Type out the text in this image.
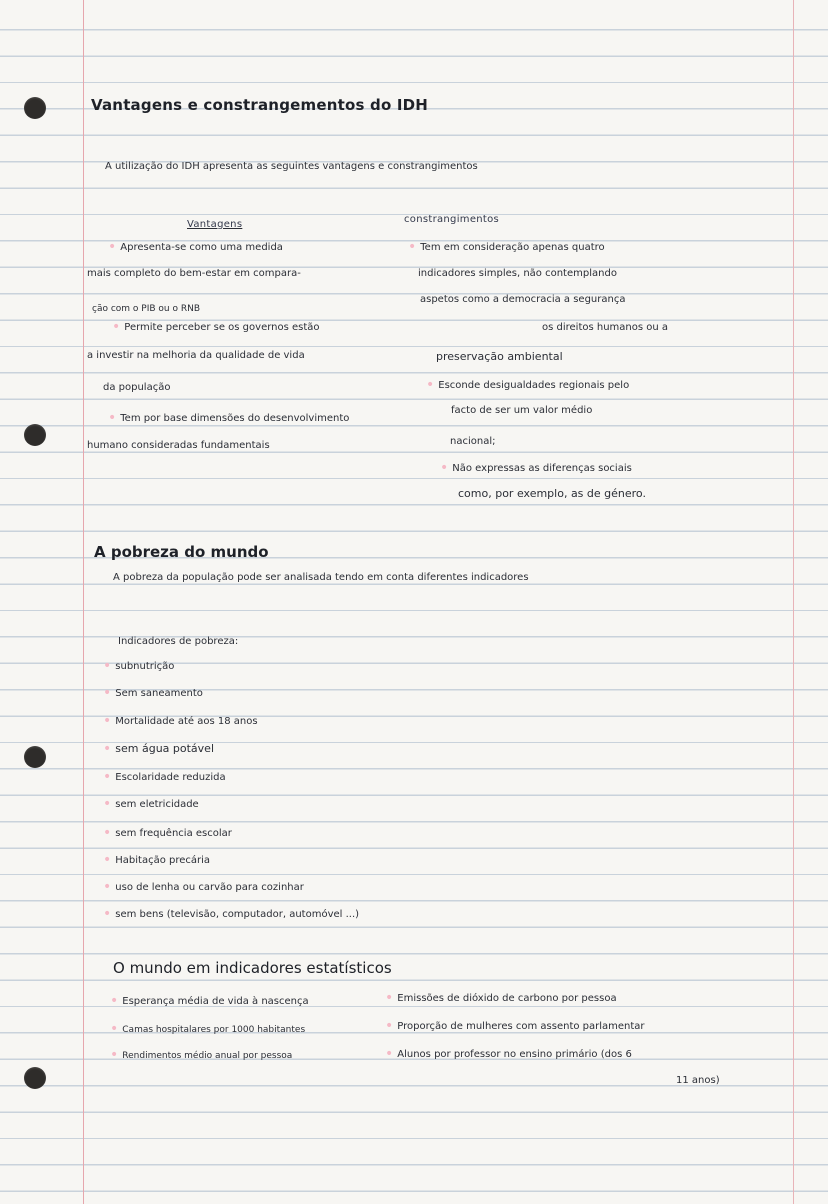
Vantagens e constrangementos do IDH
A utilização do IDH apresenta as seguintes vantagens e constrangimentos
Vantagens	constrangimentos
• Apresenta-se como uma medida
mais completo do bem-estar em compara-
ção com o PIB ou o RNB
• Permite perceber se os governos estão
a investir na melhoria da qualidade de vida
da população
• Tem por base dimensões do desenvolvimento
humano consideradas fundamentais
• Tem em consideração apenas quatro
indicadores simples, não contemplando
aspetos como a democracia a segurança
os direitos humanos ou a
preservação ambiental
• Esconde desigualdades regionais pelo
facto de ser um valor médio
nacional;
• Não expressas as diferenças sociais
como, por exemplo, as de género.
A pobreza do mundo
A pobreza da população pode ser analisada tendo em conta diferentes indicadores
Indicadores de pobreza:
• subnutrição
• Sem saneamento
• Mortalidade até aos 18 anos
• sem água potável
• Escolaridade reduzida
• sem eletricidade
• sem frequência escolar
• Habitação precária
• uso de lenha ou carvão para cozinhar
• sem bens (televisão, computador, automóvel ...)
O mundo em indicadores estatísticos
• Esperança média de vida à nascença
• Camas hospitalares por 1000 habitantes
• Rendimentos médio anual por pessoa
• Emissões de dióxido de carbono por pessoa
• Proporção de mulheres com assento parlamentar
• Alunos por professor no ensino primário (dos 6
11 anos)
